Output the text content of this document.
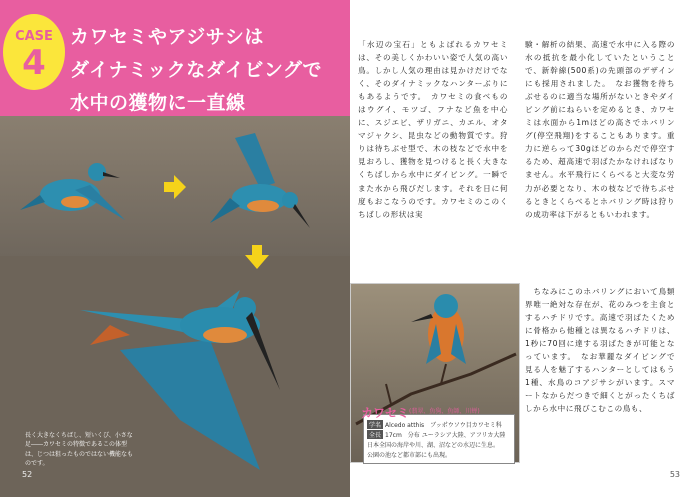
CASE
4
カワセミやアジサシは
ダイナミックなダイビングで
水中の獲物に一直線
長く大きなくちばし、短いくび、小さな足――カワセミの特徴であるこの体型は、じつは狙ったものではない機能なものです。
52

「水辺の宝石」ともよばれるカワセミは、その美しくかわいい姿で人気の高い鳥。しかし人気の理由は見かけだけでなく、そのダイナミックなハンターぶりにもあるようです。　カワセミの食べものはウグイ、モツゴ、フナなど魚を中心に、スジエビ、ザリガニ、カエル、オタマジャクシ、昆虫などの動物質です。狩りは待ちぶせ型で、木の枝などで水中を見おろし、獲物を見つけると長く大きなくちばしから水中にダイビング。一瞬でまた水から飛びだします。それを日に何度もおこなうのです。カワセミのこのくちばしの形状は実

験・解析の結果、高速で水中に入る際の水の抵抗を最小化していたということで、新幹線(500系)の先頭部のデザインにも採用されました。　なお獲物を待ちぶせるのに適当な場所がないときやダイビング前にねらいを定めるとき、カワセミは水面から1mほどの高さでホバリング(停空飛翔)をすることもあります。重力に逆らって30gほどのからだで停空するため、超高速で羽ばたかなければなりません。水平飛行にくらべると大変な労力が必要となり、木の枝などで待ちぶせるときとくらべるとホバリング時は狩りの成功率は下がるともいわれます。

　ちなみにこのホバリングにおいて鳥類界唯一絶対な存在が、花のみつを主食とするハチドリです。高速で羽ばたくために骨格から他種とは異なるハチドリは、1秒に70回に達する羽ばたきが可能となっています。　なお華麗なダイビングで見る人を魅了するハンターとしてはもう1種、水鳥のコアジサシがいます。スマートなからだつきで細くとがったくちばしから水中に飛びこむこの鳥も、

53
カワセミ (翡翠、魚狗、魚師、川蝉)
学名 Alcedo atthis　ブッポウソウ目カワセミ科
全長 17cm　分布 ユーラシア大陸、アフリカ大陸
日本全国の海岸や川、湖、沼などの水辺に生息。
公園の池など都市部にも出現。
